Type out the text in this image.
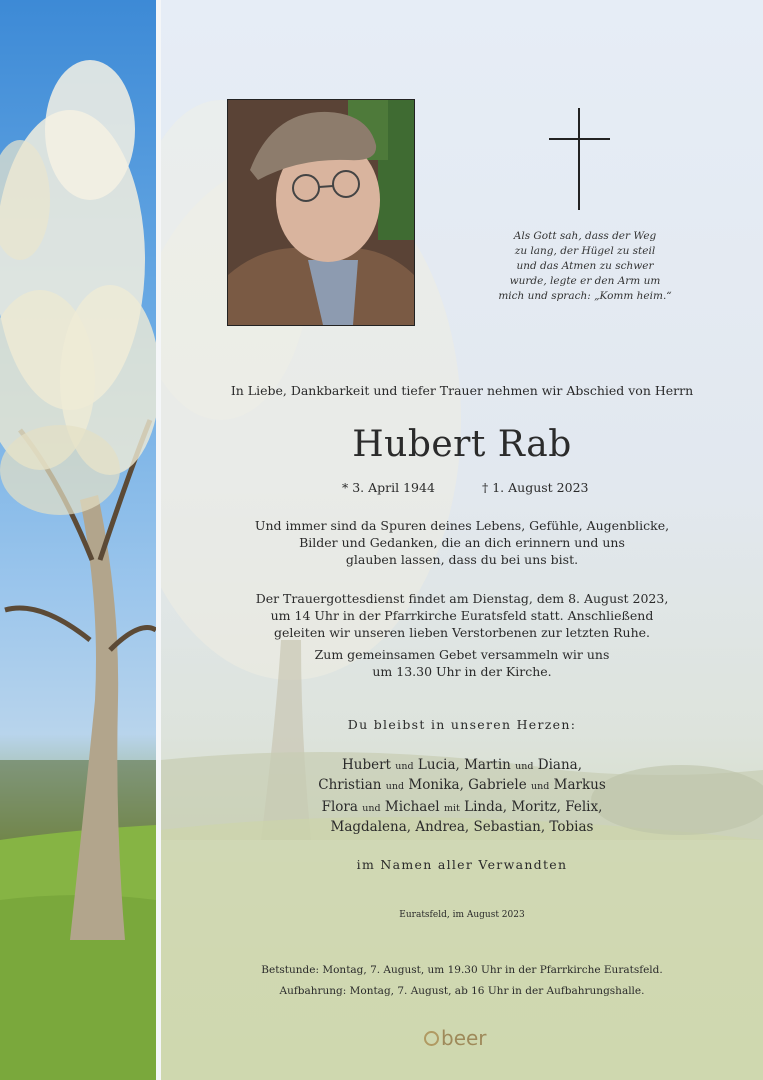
Als Gott sah, dass der Weg
zu lang, der Hügel zu steil
und das Atmen zu schwer
wurde, legte er den Arm um
mich und sprach: „Komm heim.“
In Liebe, Dankbarkeit und tiefer Trauer nehmen wir Abschied von Herrn
Hubert Rab
* 3. April 1944	† 1. August 2023
Und immer sind da Spuren deines Lebens, Gefühle, Augenblicke,
Bilder und Gedanken, die an dich erinnern und uns
glauben lassen, dass du bei uns bist.
Der Trauergottesdienst findet am Dienstag, dem 8. August 2023,
um 14 Uhr in der Pfarrkirche Euratsfeld statt. Anschließend
geleiten wir unseren lieben Verstorbenen zur letzten Ruhe.
Zum gemeinsamen Gebet versammeln wir uns
um 13.30 Uhr in der Kirche.
Du bleibst in unseren Herzen:
Hubert und Lucia, Martin und Diana,
Christian und Monika, Gabriele und Markus
Flora und Michael mit Linda, Moritz, Felix,
Magdalena, Andrea, Sebastian, Tobias
im Namen aller Verwandten
Euratsfeld, im August 2023
Betstunde: Montag, 7. August, um 19.30 Uhr in der Pfarrkirche Euratsfeld.
Aufbahrung: Montag, 7. August, ab 16 Uhr in der Aufbahrungshalle.
beer
